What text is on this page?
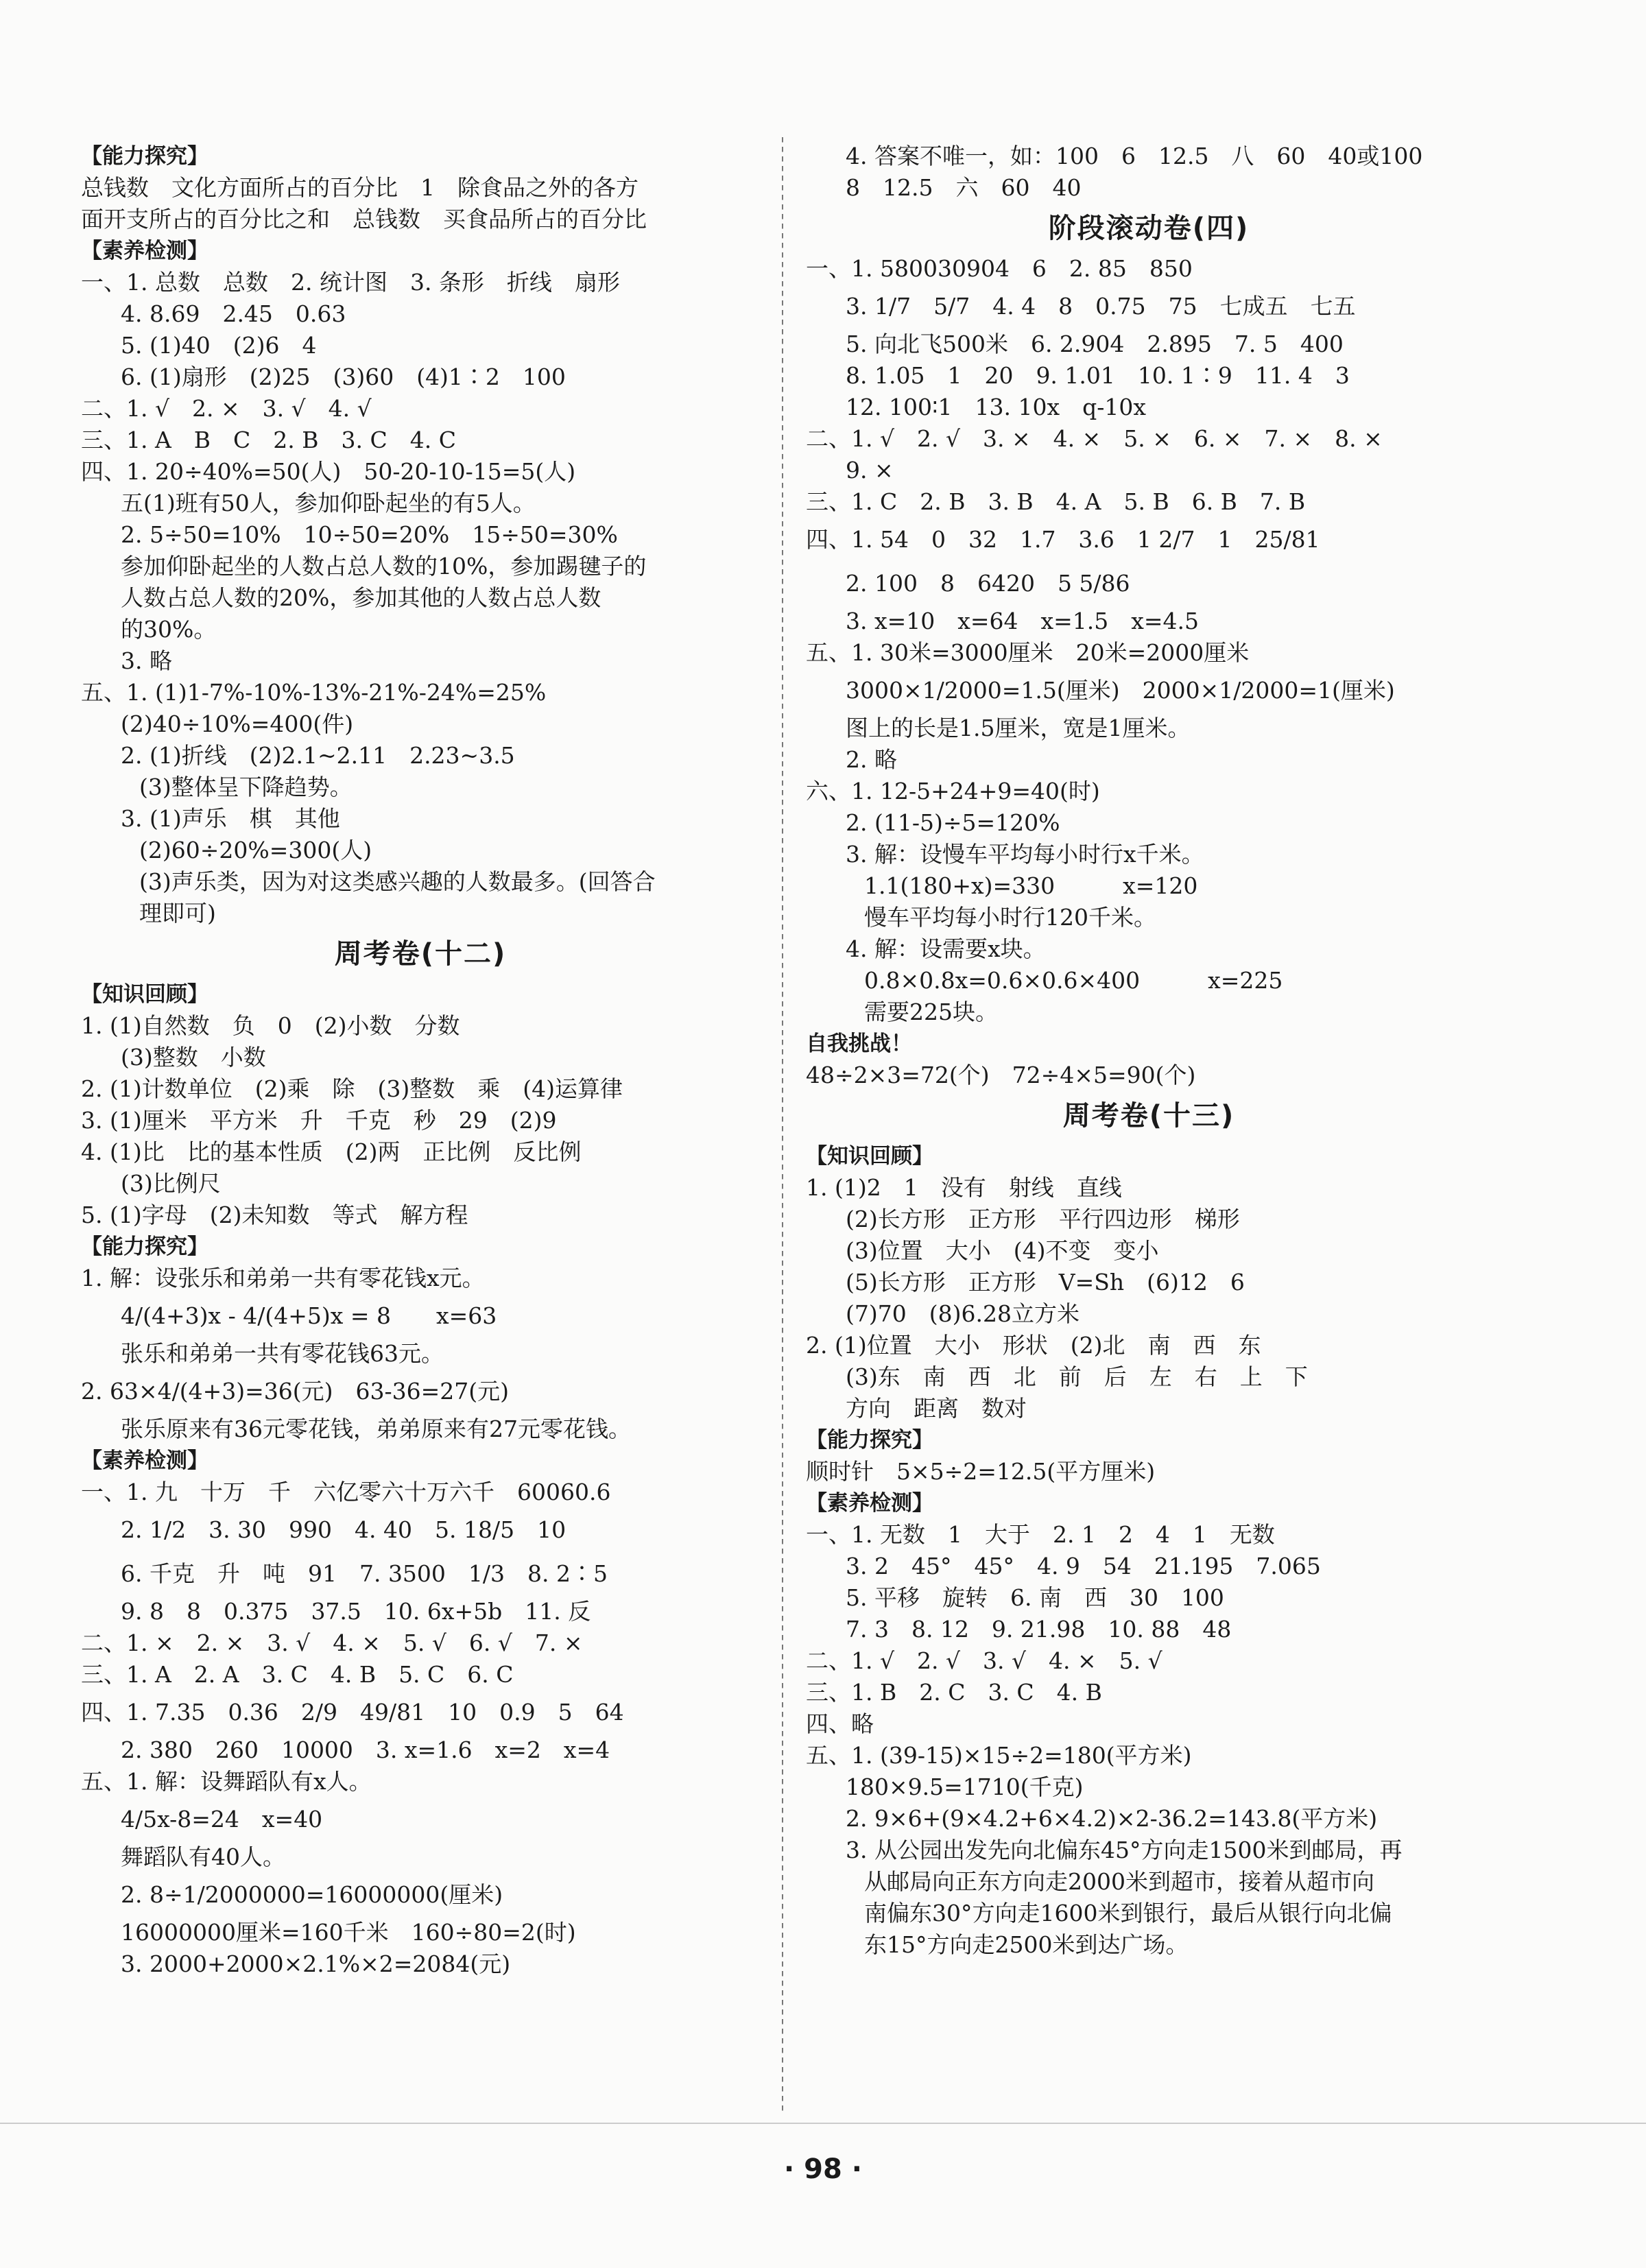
【能力探究】
总钱数　文化方面所占的百分比　1　除食品之外的各方
面开支所占的百分比之和　总钱数　买食品所占的百分比
【素养检测】
一、1. 总数　总数　2. 统计图　3. 条形　折线　扇形
4. 8.69　2.45　0.63
5. (1)40　(2)6　4
6. (1)扇形　(2)25　(3)60　(4)1∶2　100
二、1. √　2. ×　3. √　4. √
三、1. A　B　C　2. B　3. C　4. C
四、1. 20÷40%=50(人)　50-20-10-15=5(人)
五(1)班有50人，参加仰卧起坐的有5人。
2. 5÷50=10%　10÷50=20%　15÷50=30%
参加仰卧起坐的人数占总人数的10%，参加踢毽子的
人数占总人数的20%，参加其他的人数占总人数
的30%。
3. 略
五、1. (1)1-7%-10%-13%-21%-24%=25%
(2)40÷10%=400(件)
2. (1)折线　(2)2.1~2.11　2.23~3.5
(3)整体呈下降趋势。
3. (1)声乐　棋　其他
(2)60÷20%=300(人)
(3)声乐类，因为对这类感兴趣的人数最多。(回答合
理即可)
周考卷(十二)
【知识回顾】
1. (1)自然数　负　0　(2)小数　分数
(3)整数　小数
2. (1)计数单位　(2)乘　除　(3)整数　乘　(4)运算律
3. (1)厘米　平方米　升　千克　秒　29　(2)9
4. (1)比　比的基本性质　(2)两　正比例　反比例
(3)比例尺
5. (1)字母　(2)未知数　等式　解方程
【能力探究】
1. 解：设张乐和弟弟一共有零花钱x元。
4/(4+3)x - 4/(4+5)x = 8　　x=63
张乐和弟弟一共有零花钱63元。
2. 63×4/(4+3)=36(元)　63-36=27(元)
张乐原来有36元零花钱，弟弟原来有27元零花钱。
【素养检测】
一、1. 九　十万　千　六亿零六十万六千　60060.6
2. 1/2　3. 30　990　4. 40　5. 18/5　10
6. 千克　升　吨　91　7. 3500　1/3　8. 2∶5
9. 8　8　0.375　37.5　10. 6x+5b　11. 反
二、1. ×　2. ×　3. √　4. ×　5. √　6. √　7. ×
三、1. A　2. A　3. C　4. B　5. C　6. C
四、1. 7.35　0.36　2/9　49/81　10　0.9　5　64
2. 380　260　10000　3. x=1.6　x=2　x=4
五、1. 解：设舞蹈队有x人。
4/5x-8=24　x=40
舞蹈队有40人。
2. 8÷1/2000000=16000000(厘米)
16000000厘米=160千米　160÷80=2(时)
3. 2000+2000×2.1%×2=2084(元)
4. 答案不唯一，如：100　6　12.5　八　60　40或100
8　12.5　六　60　40
阶段滚动卷(四)
一、1. 580030904　6　2. 85　850
3. 1/7　5/7　4. 4　8　0.75　75　七成五　七五
5. 向北飞500米　6. 2.904　2.895　7. 5　400
8. 1.05　1　20　9. 1.01　10. 1∶9　11. 4　3
12. 100∶1　13. 10x　q-10x
二、1. √　2. √　3. ×　4. ×　5. ×　6. ×　7. ×　8. ×
9. ×
三、1. C　2. B　3. B　4. A　5. B　6. B　7. B
四、1. 54　0　32　1.7　3.6　1 2/7　1　25/81
2. 100　8　6420　5 5/86
3. x=10　x=64　x=1.5　x=4.5
五、1. 30米=3000厘米　20米=2000厘米
3000×1/2000=1.5(厘米)　2000×1/2000=1(厘米)
图上的长是1.5厘米，宽是1厘米。
2. 略
六、1. 12-5+24+9=40(时)
2. (11-5)÷5=120%
3. 解：设慢车平均每小时行x千米。
1.1(180+x)=330　　　x=120
慢车平均每小时行120千米。
4. 解：设需要x块。
0.8×0.8x=0.6×0.6×400　　　x=225
需要225块。
自我挑战！
48÷2×3=72(个)　72÷4×5=90(个)
周考卷(十三)
【知识回顾】
1. (1)2　1　没有　射线　直线
(2)长方形　正方形　平行四边形　梯形
(3)位置　大小　(4)不变　变小
(5)长方形　正方形　V=Sh　(6)12　6
(7)70　(8)6.28立方米
2. (1)位置　大小　形状　(2)北　南　西　东
(3)东　南　西　北　前　后　左　右　上　下
方向　距离　数对
【能力探究】
顺时针　5×5÷2=12.5(平方厘米)
【素养检测】
一、1. 无数　1　大于　2. 1　2　4　1　无数
3. 2　45°　45°　4. 9　54　21.195　7.065
5. 平移　旋转　6. 南　西　30　100
7. 3　8. 12　9. 21.98　10. 88　48
二、1. √　2. √　3. √　4. ×　5. √
三、1. B　2. C　3. C　4. B
四、略
五、1. (39-15)×15÷2=180(平方米)
180×9.5=1710(千克)
2. 9×6+(9×4.2+6×4.2)×2-36.2=143.8(平方米)
3. 从公园出发先向北偏东45°方向走1500米到邮局，再
从邮局向正东方向走2000米到超市，接着从超市向
南偏东30°方向走1600米到银行，最后从银行向北偏
东15°方向走2500米到达广场。
· 98 ·
